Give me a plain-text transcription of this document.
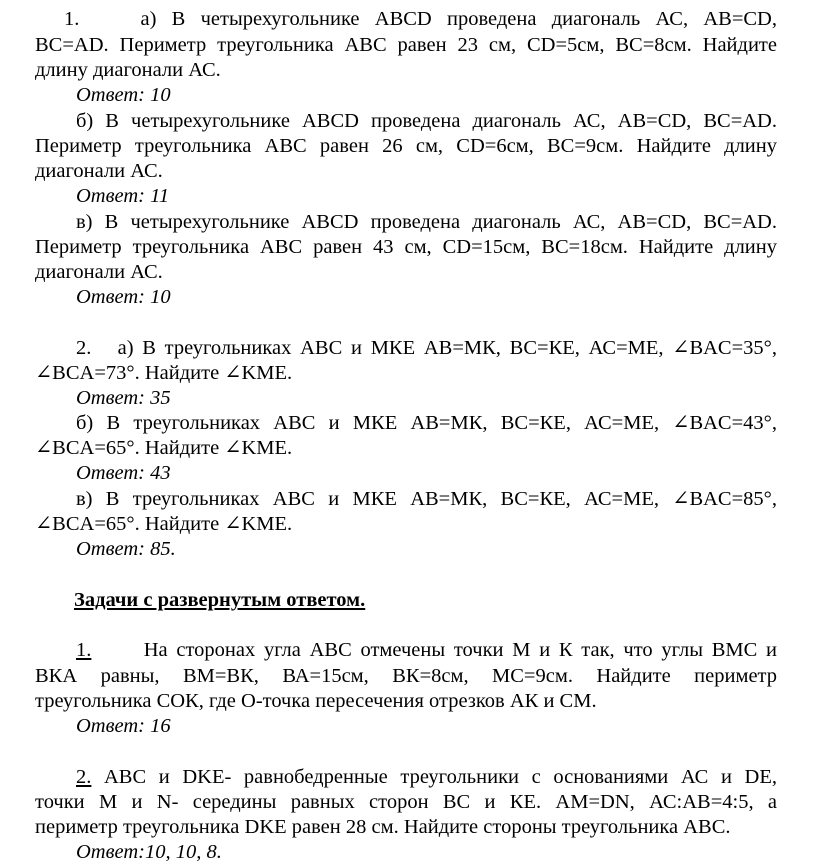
1.    а) В четырехугольнике ABCD проведена диагональ АС, АВ=CD,
BC=AD. Периметр треугольника АВС равен 23 см, CD=5см, ВС=8см. Найдите
длину диагонали АС.
Ответ: 10
б) В четырехугольнике ABCD проведена диагональ АС, АВ=CD, BC=AD.
Периметр треугольника АВС равен 26 см, CD=6см, ВС=9см. Найдите длину
диагонали АС.
Ответ: 11
в) В четырехугольнике ABCD проведена диагональ АС, АВ=CD, BC=AD.
Периметр треугольника АВС равен 43 см, CD=15см, ВС=18см. Найдите длину
диагонали АС.
Ответ: 10
2.   а) В треугольниках АВС и МКЕ АВ=МК, ВС=КЕ, АС=МЕ, ∠BAC=35°,
∠BCA=73°. Найдите ∠KME.
Ответ: 35
б) В треугольниках АВС и МКЕ АВ=МК, ВС=КЕ, АС=МЕ, ∠BAC=43°,
∠BCA=65°. Найдите ∠KME.
Ответ: 43
в) В треугольниках АВС и МКЕ АВ=МК, ВС=КЕ, АС=МЕ, ∠BAC=85°,
∠BCA=65°. Найдите ∠KME.
Ответ: 85.
Задачи с развернутым ответом.
1.      На сторонах угла АВС отмечены точки М и К так, что углы ВМС и
ВКА равны, ВМ=ВК, ВА=15см, ВК=8см, МС=9см. Найдите периметр
треугольника СОК, где О-точка пересечения отрезков АК и СМ.
Ответ: 16
2. АВС и DKE- равнобедренные треугольники с основаниями АС и DE,
точки М и N- середины равных сторон ВС и КЕ. АМ=DN, АС:АВ=4:5, а
периметр треугольника DKE равен 28 см. Найдите стороны треугольника АВС.
Ответ:10, 10, 8.
